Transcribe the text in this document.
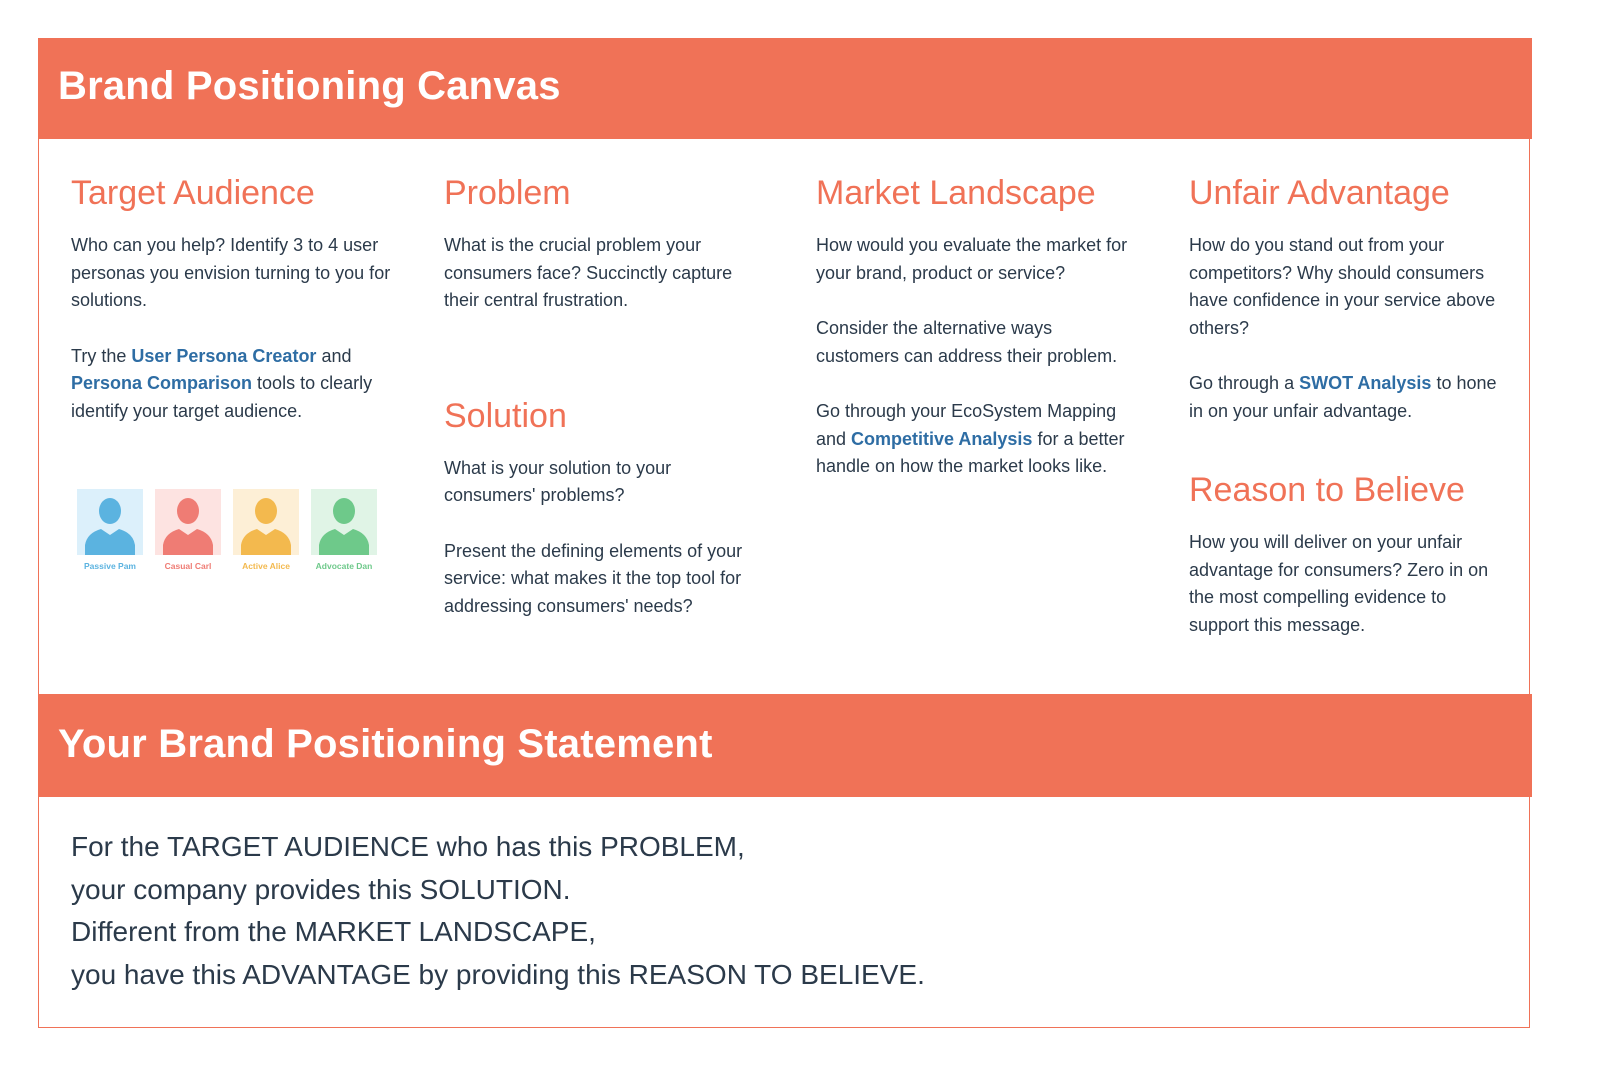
Brand Positioning Canvas
Target Audience

Who can you help? Identify 3 to 4 user personas you envision turning to you for solutions.

Try the User Persona Creator and Persona Comparison tools to clearly identify your target audience.

Passive Pam	Casual Carl	Active Alice	Advocate Dan
Problem

What is the crucial problem your consumers face? Succinctly capture their central frustration.

Solution

What is your solution to your consumers' problems?

Present the defining elements of your service: what makes it the top tool for addressing consumers' needs?

Market Landscape

How would you evaluate the market for your brand, product or service?

Consider the alternative ways customers can address their problem.

Go through your EcoSystem Mapping and Competitive Analysis for a better handle on how the market looks like.

Unfair Advantage

How do you stand out from your competitors? Why should consumers have confidence in your service above others?

Go through a SWOT Analysis to hone in on your unfair advantage.

Reason to Believe

How you will deliver on your unfair advantage for consumers? Zero in on the most compelling evidence to support this message.

Your Brand Positioning Statement
For the TARGET AUDIENCE who has this PROBLEM,
your company provides this SOLUTION.
Different from the MARKET LANDSCAPE,
you have this ADVANTAGE by providing this REASON TO BELIEVE.
